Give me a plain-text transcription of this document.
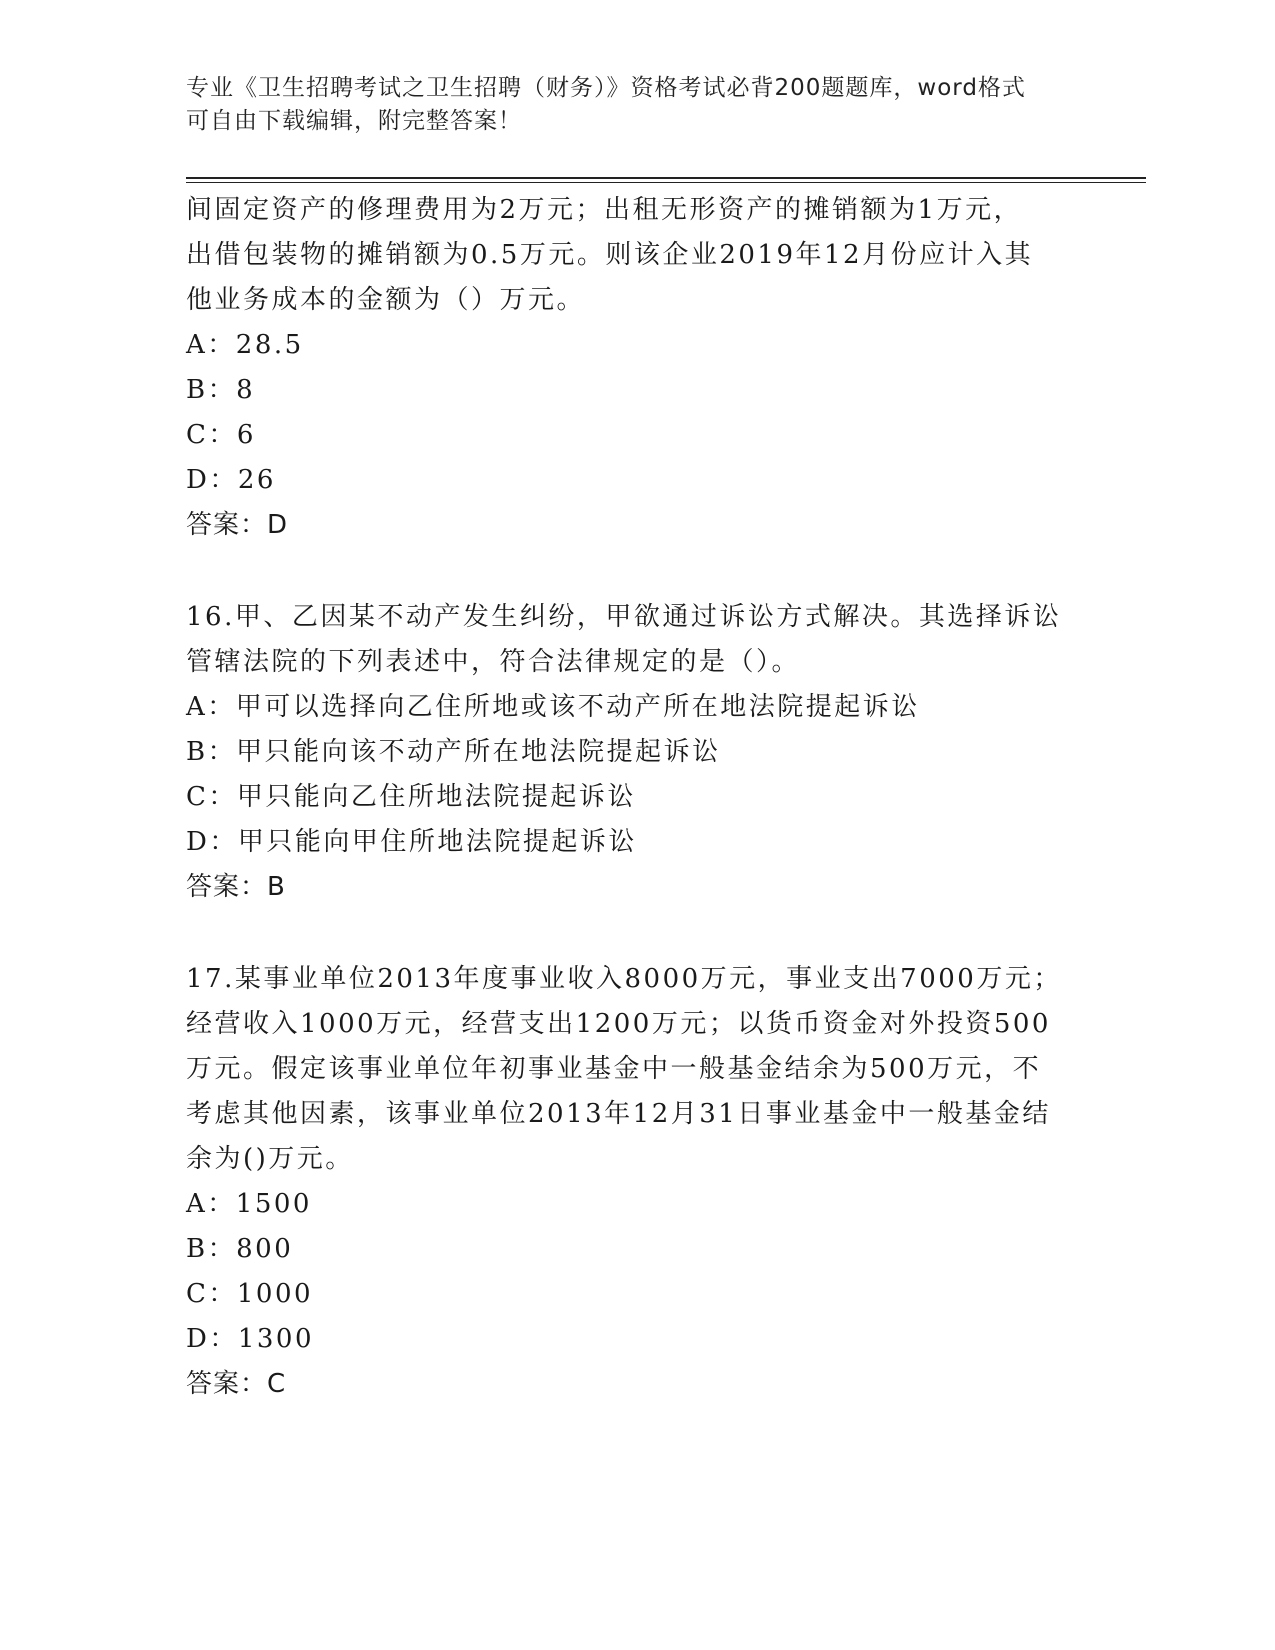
专业《卫生招聘考试之卫生招聘（财务）》资格考试必背200题题库，word格式
可自由下载编辑，附完整答案！
间固定资产的修理费用为2万元；出租无形资产的摊销额为1万元，
出借包装物的摊销额为0.5万元。则该企业2019年12月份应计入其
他业务成本的金额为（）万元。
A：28.5
B：8
C：6
D：26
答案：D
16.甲、乙因某不动产发生纠纷，甲欲通过诉讼方式解决。其选择诉讼
管辖法院的下列表述中，符合法律规定的是（）。
A：甲可以选择向乙住所地或该不动产所在地法院提起诉讼
B：甲只能向该不动产所在地法院提起诉讼
C：甲只能向乙住所地法院提起诉讼
D：甲只能向甲住所地法院提起诉讼
答案：B
17.某事业单位2013年度事业收入8000万元，事业支出7000万元；
经营收入1000万元，经营支出1200万元；以货币资金对外投资500
万元。假定该事业单位年初事业基金中一般基金结余为500万元，不
考虑其他因素，该事业单位2013年12月31日事业基金中一般基金结
余为()万元。
A：1500
B：800
C：1000
D：1300
答案：C
